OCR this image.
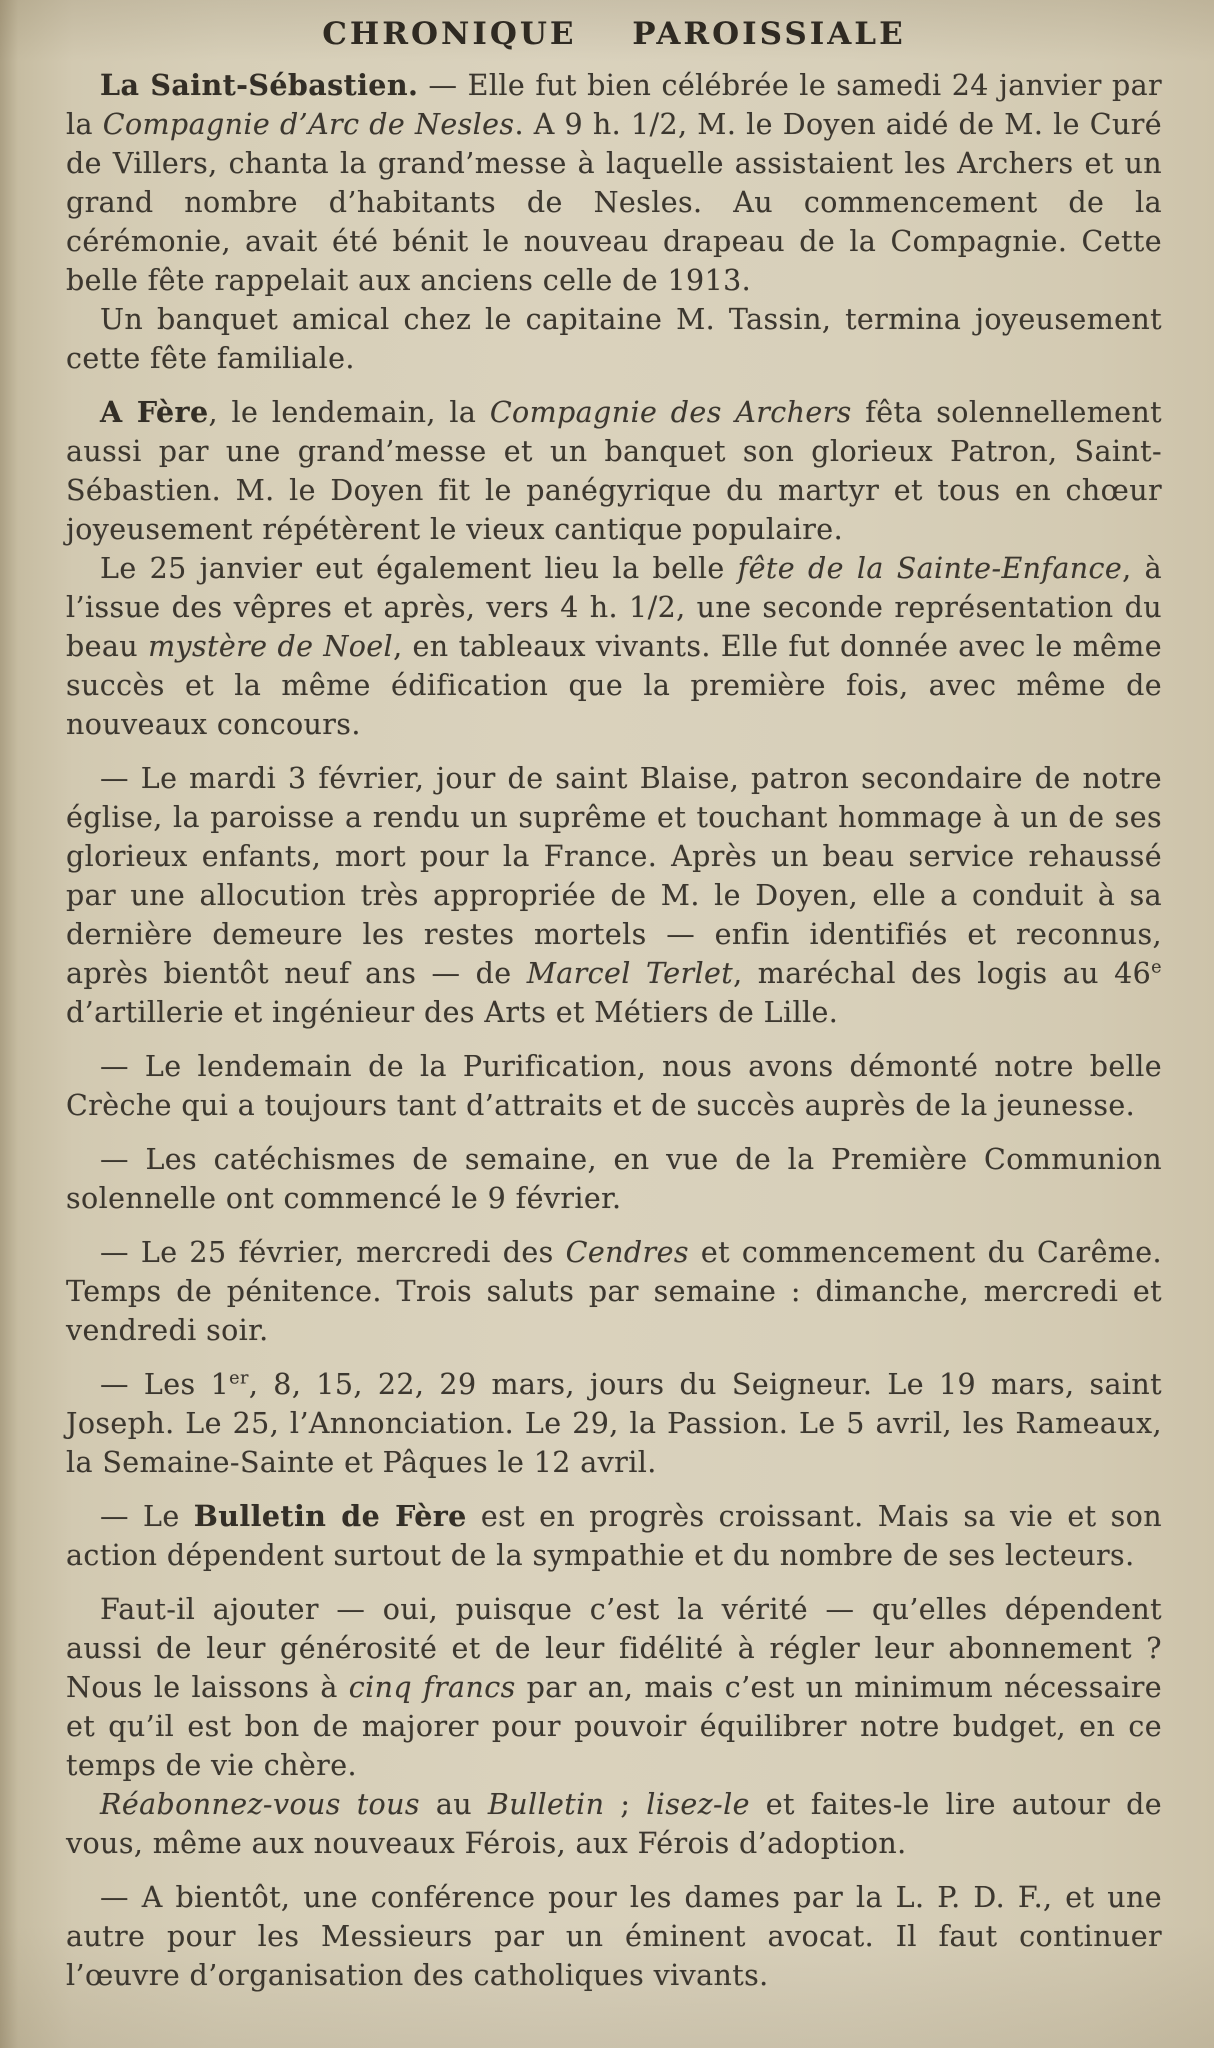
CHRONIQUE PAROISSIALE

La Saint-Sébastien. — Elle fut bien célébrée le samedi 24 janvier par la Compagnie d’Arc de Nesles. A 9 h. 1/2, M. le Doyen aidé de M. le Curé de Villers, chanta la grand’messe à laquelle assistaient les Archers et un grand nombre d’habitants de Nesles. Au commencement de la cérémonie, avait été bénit le nouveau drapeau de la Compagnie. Cette belle fête rappelait aux anciens celle de 1913.

Un banquet amical chez le capitaine M. Tassin, termina joyeusement cette fête familiale.

A Fère, le lendemain, la Compagnie des Archers fêta solennellement aussi par une grand’messe et un banquet son glorieux Patron, Saint-Sébastien. M. le Doyen fit le panégyrique du martyr et tous en chœur joyeusement répétèrent le vieux cantique populaire.

Le 25 janvier eut également lieu la belle fête de la Sainte-Enfance, à l’issue des vêpres et après, vers 4 h. 1/2, une seconde représentation du beau mystère de Noel, en tableaux vivants. Elle fut donnée avec le même succès et la même édification que la première fois, avec même de nouveaux concours.

— Le mardi 3 février, jour de saint Blaise, patron secondaire de notre église, la paroisse a rendu un suprême et touchant hommage à un de ses glorieux enfants, mort pour la France. Après un beau service rehaussé par une allocution très appropriée de M. le Doyen, elle a conduit à sa dernière demeure les restes mortels — enfin identifiés et reconnus, après bientôt neuf ans — de Marcel Terlet, maréchal des logis au 46e d’artillerie et ingénieur des Arts et Métiers de Lille.

— Le lendemain de la Purification, nous avons démonté notre belle Crèche qui a toujours tant d’attraits et de succès auprès de la jeunesse.

— Les catéchismes de semaine, en vue de la Première Communion solennelle ont commencé le 9 février.

— Le 25 février, mercredi des Cendres et commencement du Carême. Temps de pénitence. Trois saluts par semaine : dimanche, mercredi et vendredi soir.

— Les 1er, 8, 15, 22, 29 mars, jours du Seigneur. Le 19 mars, saint Joseph. Le 25, l’Annonciation. Le 29, la Passion. Le 5 avril, les Rameaux, la Semaine-Sainte et Pâques le 12 avril.

— Le Bulletin de Fère est en progrès croissant. Mais sa vie et son action dépendent surtout de la sympathie et du nombre de ses lecteurs.

Faut-il ajouter — oui, puisque c’est la vérité — qu’elles dépendent aussi de leur générosité et de leur fidélité à régler leur abonnement ? Nous le laissons à cinq francs par an, mais c’est un minimum nécessaire et qu’il est bon de majorer pour pouvoir équilibrer notre budget, en ce temps de vie chère.

Réabonnez-vous tous au Bulletin ; lisez-le et faites-le lire autour de vous, même aux nouveaux Férois, aux Férois d’adoption.

— A bientôt, une conférence pour les dames par la L. P. D. F., et une autre pour les Messieurs par un éminent avocat. Il faut continuer l’œuvre d’organisation des catholiques vivants.
